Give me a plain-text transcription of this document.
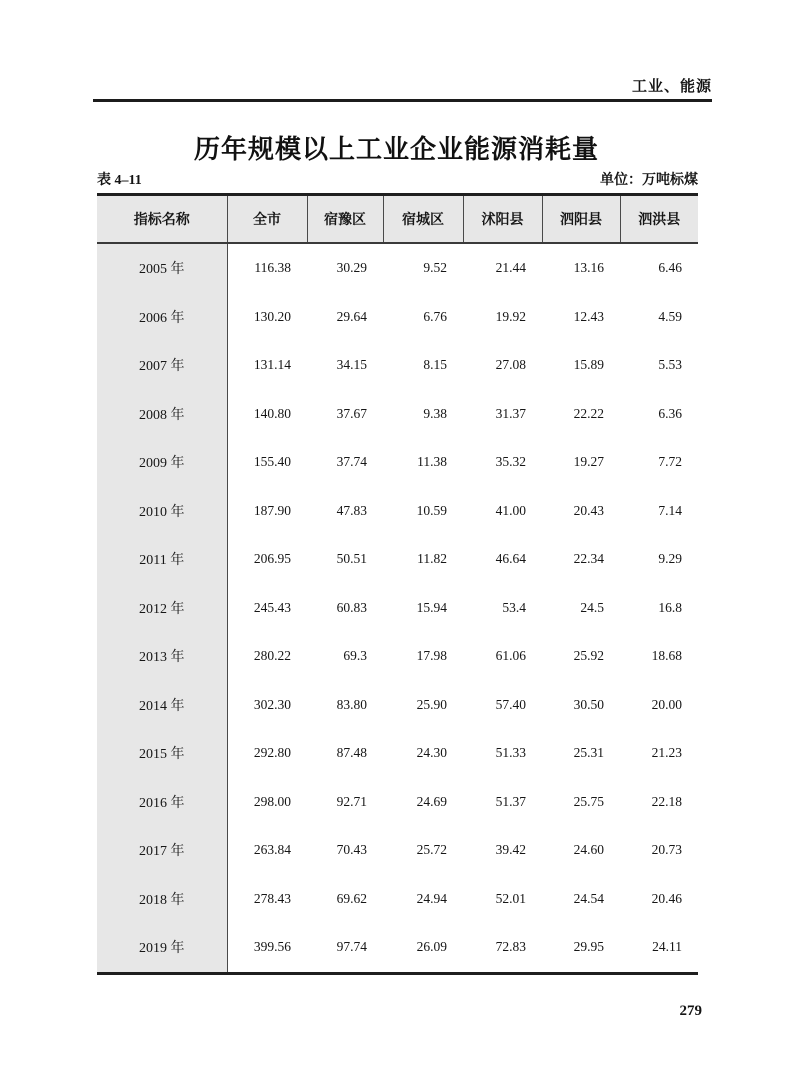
工业、能源
历年规模以上工业企业能源消耗量
表 4–11	单位：万吨标煤
指标名称	全市	宿豫区	宿城区	沭阳县	泗阳县	泗洪县
2005 年	116.38	30.29	9.52	21.44	13.16	6.46
2006 年	130.20	29.64	6.76	19.92	12.43	4.59
2007 年	131.14	34.15	8.15	27.08	15.89	5.53
2008 年	140.80	37.67	9.38	31.37	22.22	6.36
2009 年	155.40	37.74	11.38	35.32	19.27	7.72
2010 年	187.90	47.83	10.59	41.00	20.43	7.14
2011 年	206.95	50.51	11.82	46.64	22.34	9.29
2012 年	245.43	60.83	15.94	53.4	24.5	16.8
2013 年	280.22	69.3	17.98	61.06	25.92	18.68
2014 年	302.30	83.80	25.90	57.40	30.50	20.00
2015 年	292.80	87.48	24.30	51.33	25.31	21.23
2016 年	298.00	92.71	24.69	51.37	25.75	22.18
2017 年	263.84	70.43	25.72	39.42	24.60	20.73
2018 年	278.43	69.62	24.94	52.01	24.54	20.46
2019 年	399.56	97.74	26.09	72.83	29.95	24.11
279
